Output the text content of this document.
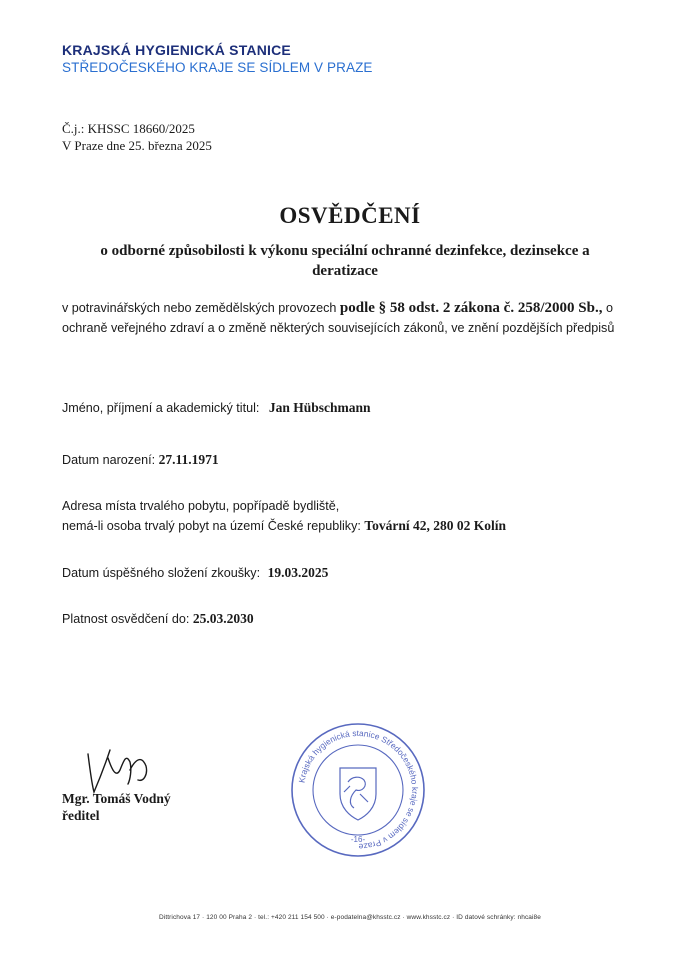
KRAJSKÁ HYGIENICKÁ STANICE
STŘEDOČESKÉHO KRAJE SE SÍDLEM V PRAZE
Č.j.: KHSSC 18660/2025
V Praze dne 25. března 2025
OSVĚDČENÍ
o odborné způsobilosti k výkonu speciální ochranné dezinfekce, dezinsekce a deratizace
v potravinářských nebo zemědělských provozech podle § 58 odst. 2 zákona č. 258/2000 Sb., o ochraně veřejného zdraví a o změně některých souvisejících zákonů, ve znění pozdějších předpisů
Jméno, příjmení a akademický titul: Jan Hübschmann
Datum narození: 27.11.1971
Adresa místa trvalého pobytu, popřípadě bydliště,
nemá-li osoba trvalý pobyt na území České republiky: Tovární 42, 280 02 Kolín
Datum úspěšného složení zkoušky: 19.03.2025
Platnost osvědčení do: 25.03.2030
Mgr. Tomáš Vodný
ředitel
Krajská hygienická stanice Středočeského kraje se sídlem v Praze
-16-
Dittrichova 17 · 120 00 Praha 2 · tel.: +420 211 154 500 · e-podatelna@khsstc.cz · www.khsstc.cz · ID datové schránky: nhcai8e
